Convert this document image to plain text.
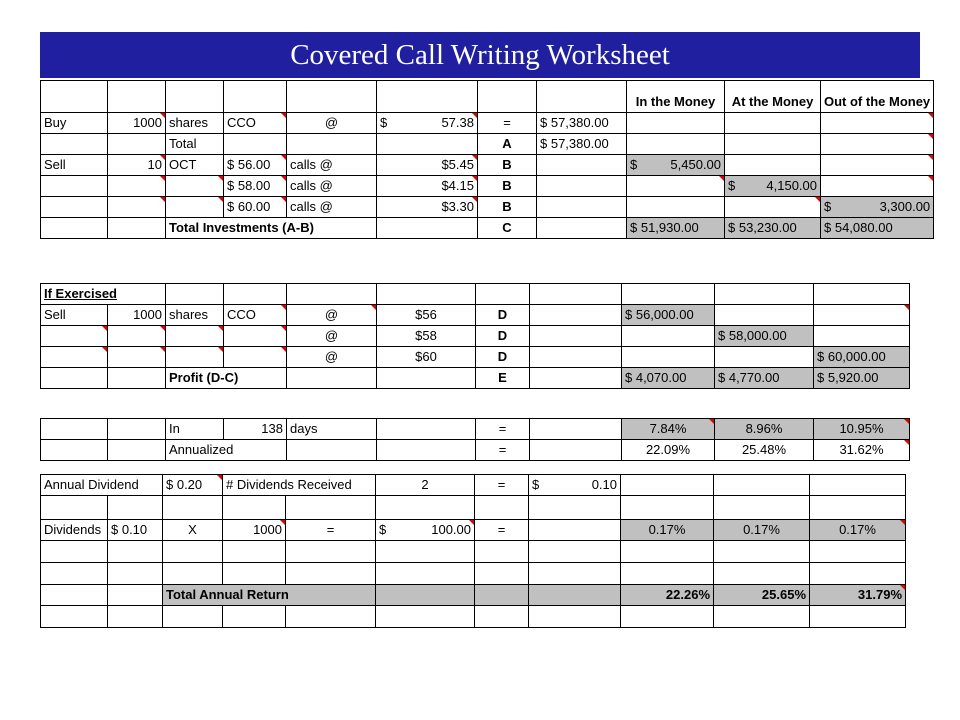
Covered Call Writing Worksheet
								In the Money	At the Money	Out of the Money
Buy	1000	shares	CCO	@	$ 57.38	=	$ 57,380.00			
		Total				A	$ 57,380.00			
Sell	10	OCT	$ 56.00	calls @	$5.45	B		$ 5,450.00		

			$ 58.00	calls @	$4.15	B			$ 4,150.00	

			$ 60.00	calls @	$3.30	B				$ 3,300.00

		Total Investments (A-B)				C		$ 51,930.00	$ 53,230.00	$ 54,080.00
If Exercised										
Sell	1000	shares	CCO	@	$56	D		$ 56,000.00		
				@	$58	D			$ 58,000.00	
				@	$60	D				$ 60,000.00
		Profit (D-C)				E		$ 4,070.00	$ 4,770.00	$ 5,920.00
		In	138	days		=		7.84%	8.96%	10.95%
		Annualized				=		22.09%	25.48%	31.62%
Annual Dividend		$ 0.20	# Dividends Received		2	=	$ 0.10			

Dividends	$ 0.10	X	1000	=	$ 100.00	=		0.17%	0.17%	0.17%

		Total Annual Return						22.26%	25.65%	31.79%
